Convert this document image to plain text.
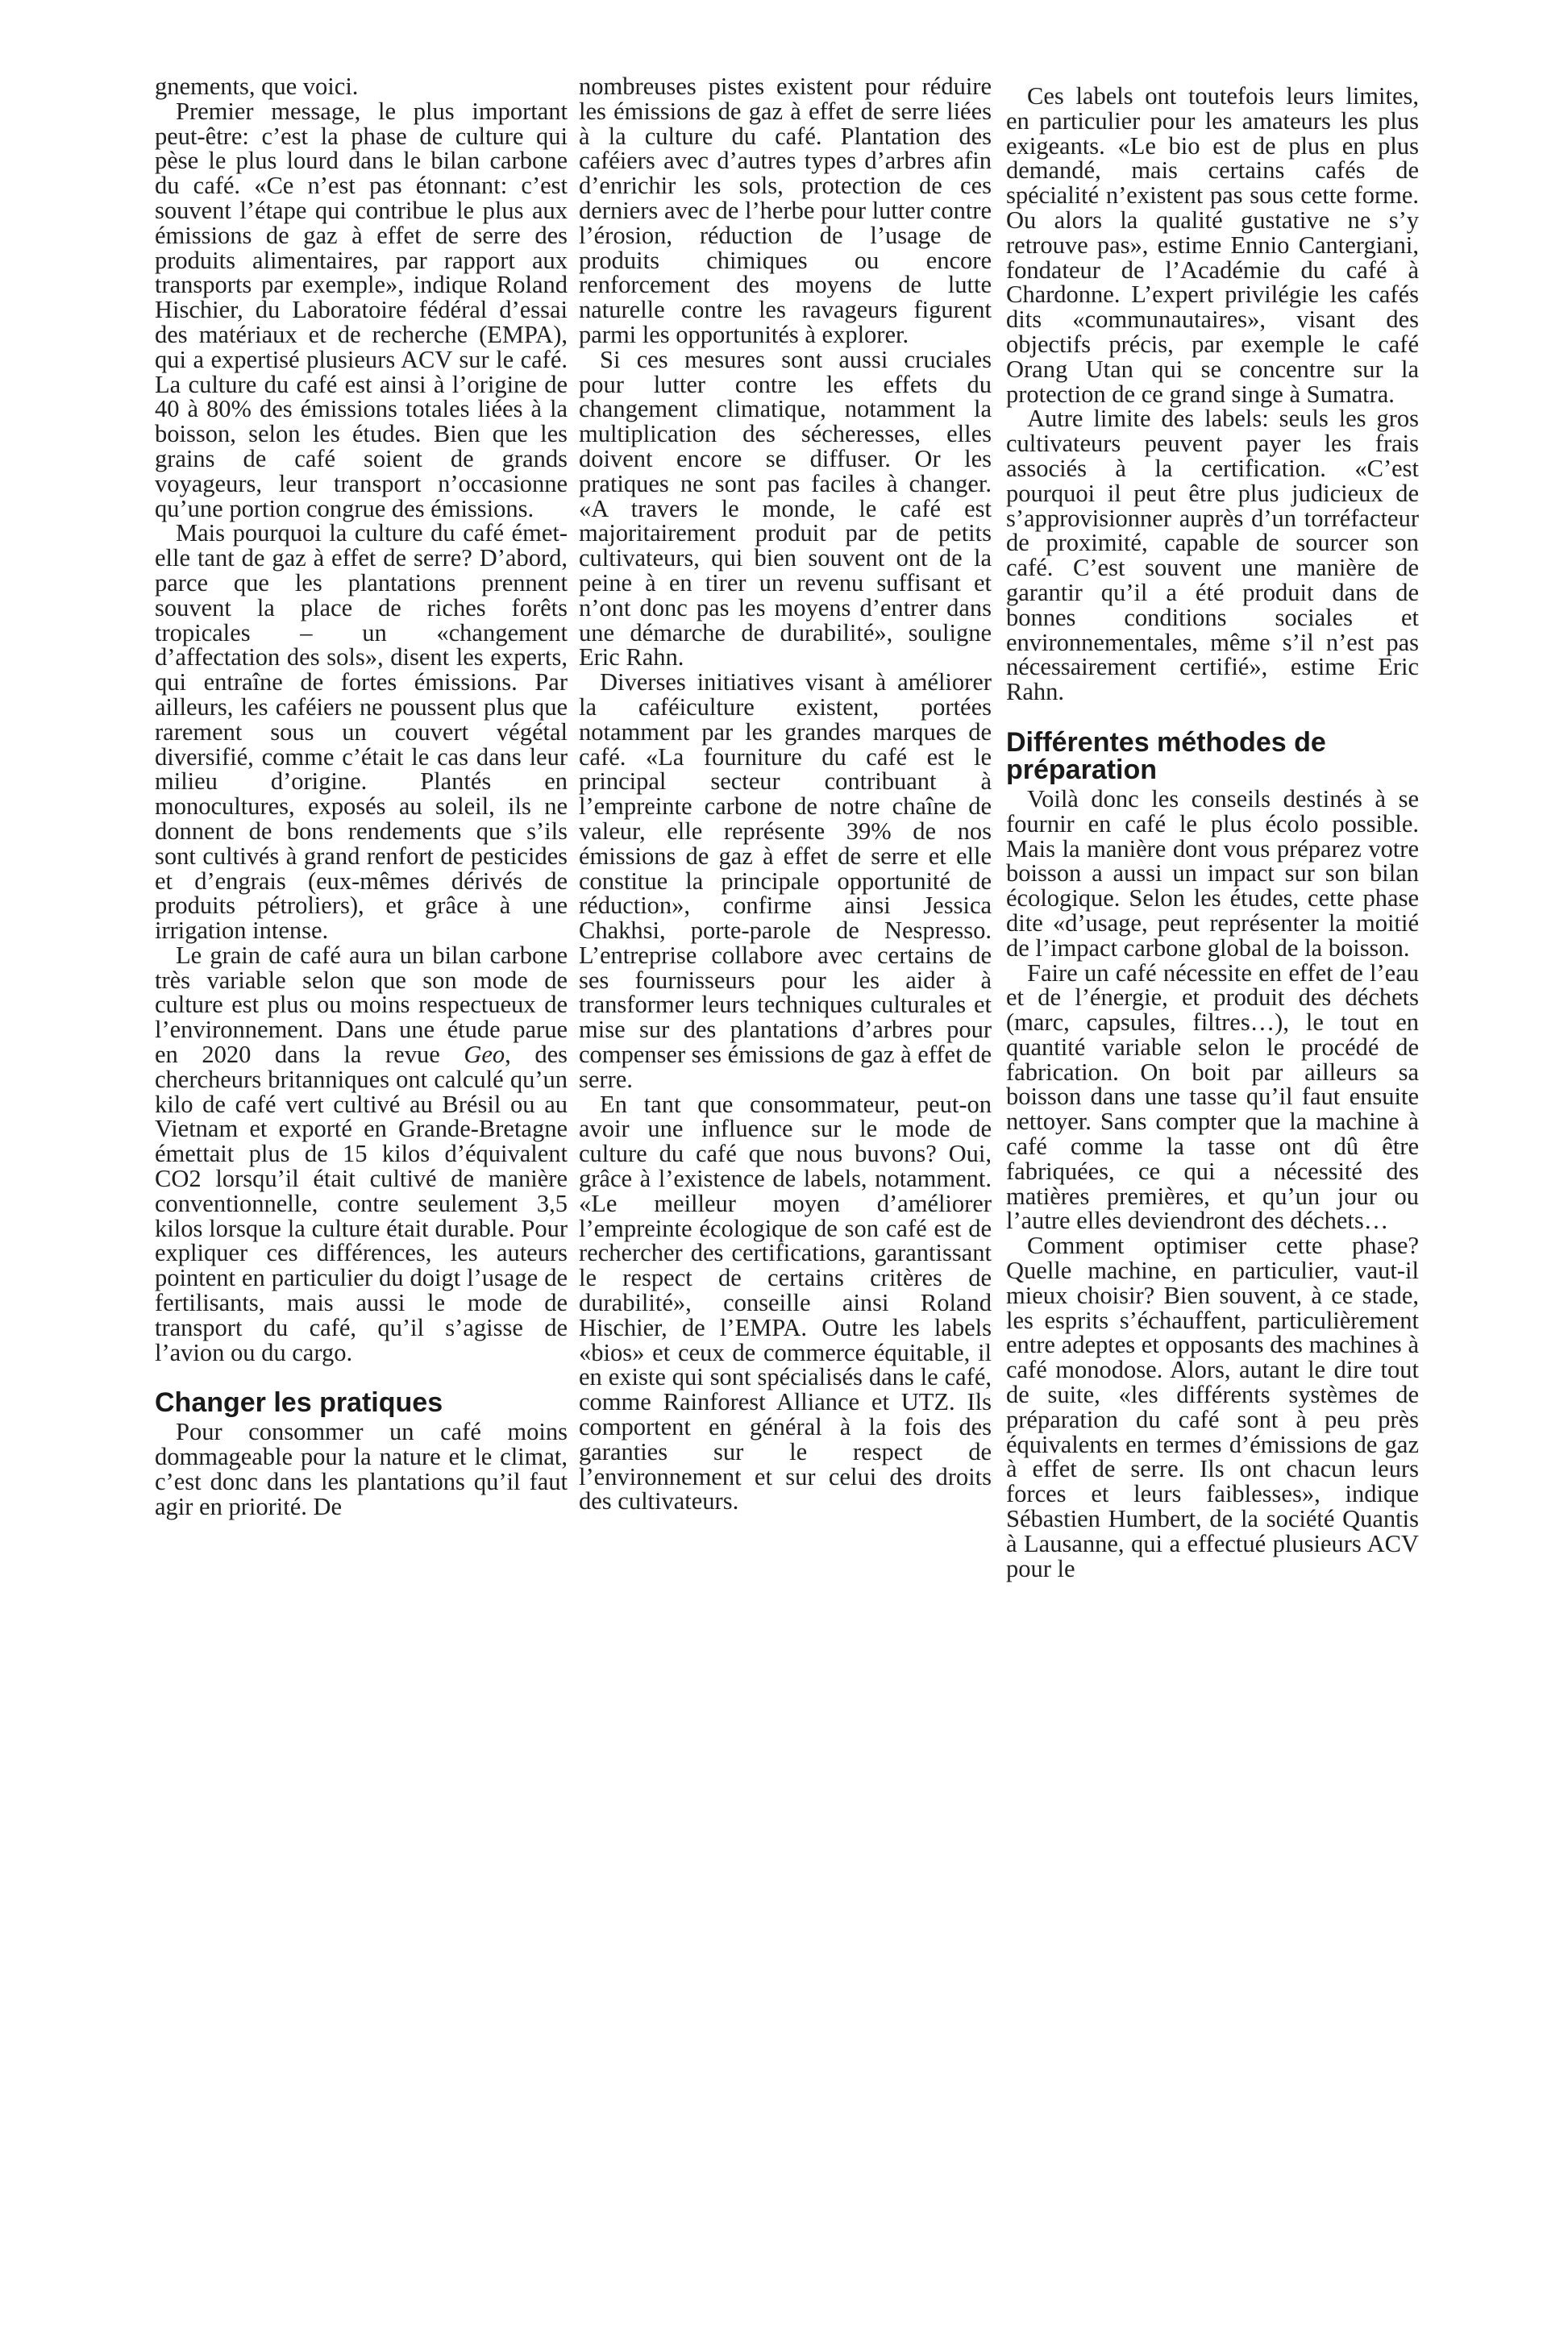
gnements, que voici.

Premier message, le plus important peut-être: c’est la phase de culture qui pèse le plus lourd dans le bilan carbone du café. «Ce n’est pas étonnant: c’est souvent l’étape qui contribue le plus aux émissions de gaz à effet de serre des produits alimentaires, par rapport aux transports par exemple», indique Roland Hischier, du Laboratoire fédéral d’essai des matériaux et de recherche (EMPA), qui a expertisé plusieurs ACV sur le café. La culture du café est ainsi à l’origine de 40 à 80% des émissions totales liées à la boisson, selon les études. Bien que les grains de café soient de grands voyageurs, leur transport n’occasionne qu’une portion congrue des émissions.

Mais pourquoi la culture du café émet-elle tant de gaz à effet de serre? D’abord, parce que les plantations prennent souvent la place de riches forêts tropicales – un «changement d’affectation des sols», disent les experts, qui entraîne de fortes émissions. Par ailleurs, les caféiers ne poussent plus que rarement sous un couvert végétal diversifié, comme c’était le cas dans leur milieu d’origine. Plantés en monocultures, exposés au soleil, ils ne donnent de bons rendements que s’ils sont cultivés à grand renfort de pesticides et d’engrais (eux-mêmes dérivés de produits pétroliers), et grâce à une irrigation intense.

Le grain de café aura un bilan carbone très variable selon que son mode de culture est plus ou moins respectueux de l’environnement. Dans une étude parue en 2020 dans la revue Geo, des chercheurs britanniques ont calculé qu’un kilo de café vert cultivé au Brésil ou au Vietnam et exporté en Grande-Bretagne émettait plus de 15 kilos d’équivalent CO2 lorsqu’il était cultivé de manière conventionnelle, contre seulement 3,5 kilos lorsque la culture était durable. Pour expliquer ces différences, les auteurs pointent en particulier du doigt l’usage de fertilisants, mais aussi le mode de transport du café, qu’il s’agisse de l’avion ou du cargo.

Changer les pratiques

Pour consommer un café moins dommageable pour la nature et le climat, c’est donc dans les plantations qu’il faut agir en priorité. De

nombreuses pistes existent pour réduire les émissions de gaz à effet de serre liées à la culture du café. Plantation des caféiers avec d’autres types d’arbres afin d’enrichir les sols, protection de ces derniers avec de l’herbe pour lutter contre l’érosion, réduction de l’usage de produits chimiques ou encore renforcement des moyens de lutte naturelle contre les ravageurs figurent parmi les opportunités à explorer.

Si ces mesures sont aussi cruciales pour lutter contre les effets du changement climatique, notamment la multiplication des sécheresses, elles doivent encore se diffuser. Or les pratiques ne sont pas faciles à changer. «A travers le monde, le café est majoritairement produit par de petits cultivateurs, qui bien souvent ont de la peine à en tirer un revenu suffisant et n’ont donc pas les moyens d’entrer dans une démarche de durabilité», souligne Eric Rahn.

Diverses initiatives visant à améliorer la caféiculture existent, portées notamment par les grandes marques de café. «La fourniture du café est le principal secteur contribuant à l’empreinte carbone de notre chaîne de valeur, elle représente 39% de nos émissions de gaz à effet de serre et elle constitue la principale opportunité de réduction», confirme ainsi Jessica Chakhsi, porte-parole de Nespresso. L’entreprise collabore avec certains de ses fournisseurs pour les aider à transformer leurs techniques culturales et mise sur des plantations d’arbres pour compenser ses émissions de gaz à effet de serre.

En tant que consommateur, peut-on avoir une influence sur le mode de culture du café que nous buvons? Oui, grâce à l’existence de labels, notamment. «Le meilleur moyen d’améliorer l’empreinte écologique de son café est de rechercher des certifications, garantissant le respect de certains critères de durabilité», conseille ainsi Roland Hischier, de l’EMPA. Outre les labels «bios» et ceux de commerce équitable, il en existe qui sont spécialisés dans le café, comme Rainforest Alliance et UTZ. Ils comportent en général à la fois des garanties sur le respect de l’environnement et sur celui des droits des cultivateurs.

Ces labels ont toutefois leurs limites, en particulier pour les amateurs les plus exigeants. «Le bio est de plus en plus demandé, mais certains cafés de spécialité n’existent pas sous cette forme. Ou alors la qualité gustative ne s’y retrouve pas», estime Ennio Cantergiani, fondateur de l’Académie du café à Chardonne. L’expert privilégie les cafés dits «communautaires», visant des objectifs précis, par exemple le café Orang Utan qui se concentre sur la protection de ce grand singe à Sumatra.

Autre limite des labels: seuls les gros cultivateurs peuvent payer les frais associés à la certification. «C’est pourquoi il peut être plus judicieux de s’approvisionner auprès d’un torréfacteur de proximité, capable de sourcer son café. C’est souvent une manière de garantir qu’il a été produit dans de bonnes conditions sociales et environnementales, même s’il n’est pas nécessairement certifié», estime Eric Rahn.

Différentes méthodes de préparation

Voilà donc les conseils destinés à se fournir en café le plus écolo possible. Mais la manière dont vous préparez votre boisson a aussi un impact sur son bilan écologique. Selon les études, cette phase dite «d’usage, peut représenter la moitié de l’impact carbone global de la boisson.

Faire un café nécessite en effet de l’eau et de l’énergie, et produit des déchets (marc, capsules, filtres…), le tout en quantité variable selon le procédé de fabrication. On boit par ailleurs sa boisson dans une tasse qu’il faut ensuite nettoyer. Sans compter que la machine à café comme la tasse ont dû être fabriquées, ce qui a nécessité des matières premières, et qu’un jour ou l’autre elles deviendront des déchets…

Comment optimiser cette phase? Quelle machine, en particulier, vaut-il mieux choisir? Bien souvent, à ce stade, les esprits s’échauffent, particulièrement entre adeptes et opposants des machines à café monodose. Alors, autant le dire tout de suite, «les différents systèmes de préparation du café sont à peu près équivalents en termes d’émissions de gaz à effet de serre. Ils ont chacun leurs forces et leurs faiblesses», indique Sébastien Humbert, de la société Quantis à Lausanne, qui a effectué plusieurs ACV pour le
